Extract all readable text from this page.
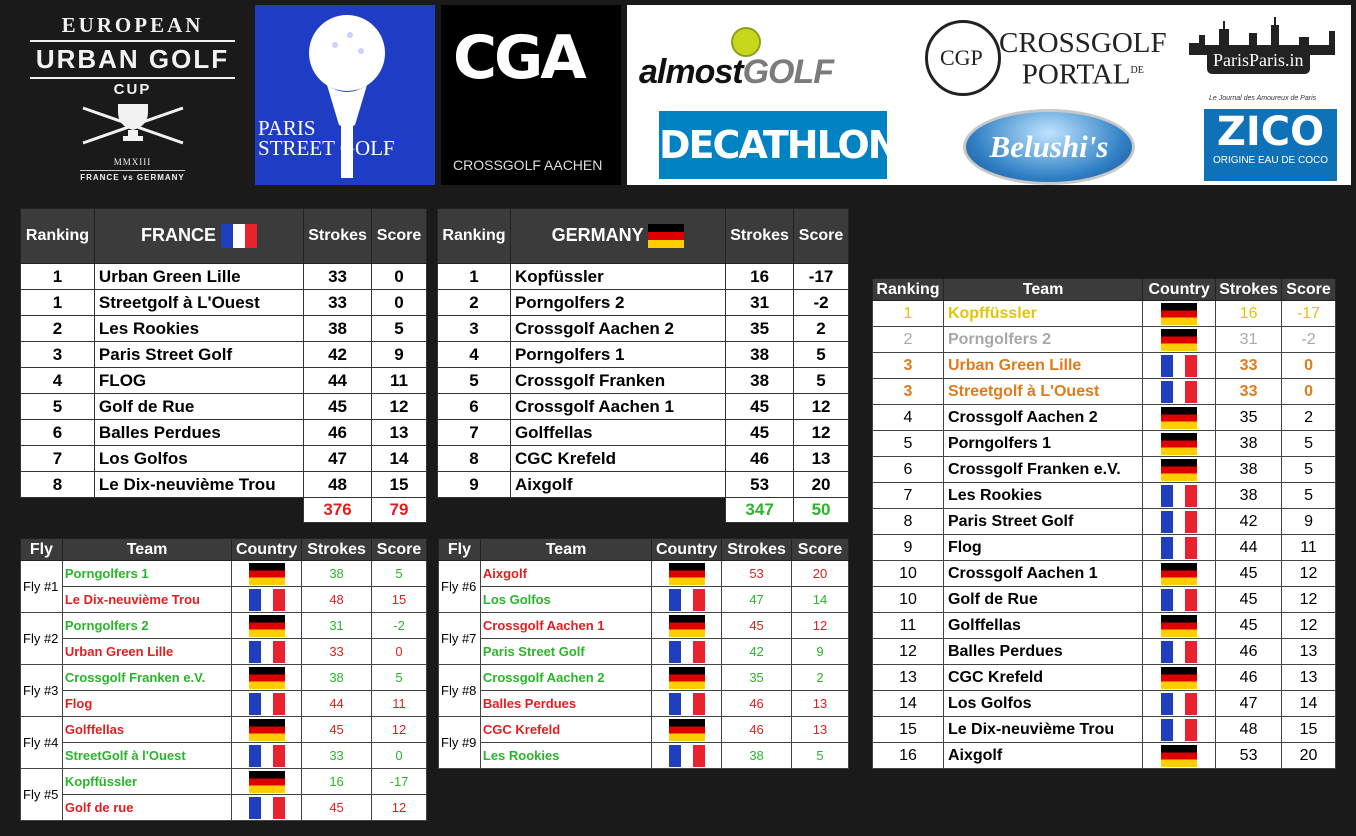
EUROPEAN
URBAN GOLF
CUP
MMXIII
FRANCE vs GERMANY
PARIS
STREET GOLF
CGA
CROSSGOLF AACHEN
almostGOLF
CGP
CROSSGOLF
$PORTAL^{DE}$
ParisParis.in
Le Journal des Amoureux de Paris
DECATHLON	Belushi's	ZICO
ORIGINE EAU DE COCO
Ranking	FRANCE	Strokes	Score
1	Urban Green Lille	33	0
1	Streetgolf à L'Ouest	33	0
2	Les Rookies	38	5
3	Paris Street Golf	42	9
4	FLOG	44	11
5	Golf de Rue	45	12
6	Balles Perdues	46	13
7	Los Golfos	47	14
8	Le Dix-neuvième Trou	48	15
		376	79
Ranking	GERMANY	Strokes	Score
1	Kopfüssler	16	-17
2	Porngolfers 2	31	-2
3	Crossgolf Aachen 2	35	2
4	Porngolfers 1	38	5
5	Crossgolf Franken	38	5
6	Crossgolf Aachen 1	45	12
7	Golffellas	45	12
8	CGC Krefeld	46	13
9	Aixgolf	53	20
		347	50
Fly	Team	Country	Strokes	Score
Fly #1	Porngolfers 1		38	5
	Le Dix-neuvième Trou		48	15
Fly #2	Porngolfers 2		31	-2
	Urban Green Lille		33	0
Fly #3	Crossgolf Franken e.V.		38	5
	Flog		44	11
Fly #4	Golffellas		45	12
	StreetGolf à l'Ouest		33	0
Fly #5	Kopffüssler		16	-17
	Golf de rue		45	12
Fly	Team	Country	Strokes	Score
Fly #6	Aixgolf		53	20
	Los Golfos		47	14
Fly #7	Crossgolf Aachen 1		45	12
	Paris Street Golf		42	9
Fly #8	Crossgolf Aachen 2		35	2
	Balles Perdues		46	13
Fly #9	CGC Krefeld		46	13
	Les Rookies		38	5
Ranking	Team	Country	Strokes	Score
1	Kopffüssler		16	-17
2	Porngolfers 2		31	-2
3	Urban Green Lille		33	0
3	Streetgolf à L'Ouest		33	0
4	Crossgolf Aachen 2		35	2
5	Porngolfers 1		38	5
6	Crossgolf Franken e.V.		38	5
7	Les Rookies		38	5
8	Paris Street Golf		42	9
9	Flog		44	11
10	Crossgolf Aachen 1		45	12
10	Golf de Rue		45	12
11	Golffellas		45	12
12	Balles Perdues		46	13
13	CGC Krefeld		46	13
14	Los Golfos		47	14
15	Le Dix-neuvième Trou		48	15
16	Aixgolf		53	20
